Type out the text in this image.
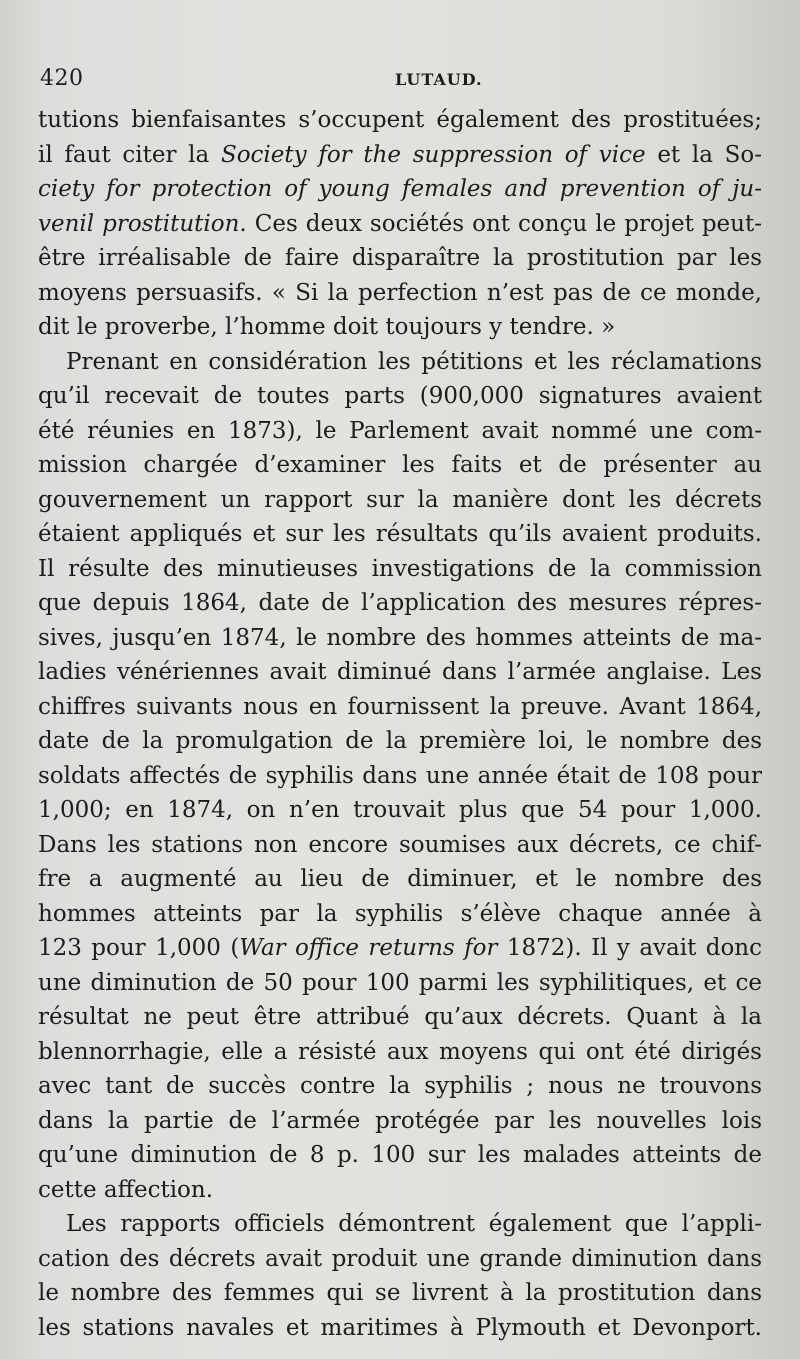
420	LUTAUD.
tutions bienfaisantes s’occupent également des prostituées;
il faut citer la Society for the suppression of vice et la So-
ciety for protection of young females and prevention of ju-
venil prostitution. Ces deux sociétés ont conçu le projet peut-
être irréalisable de faire disparaître la prostitution par les
moyens persuasifs. « Si la perfection n’est pas de ce monde,
dit le proverbe, l’homme doit toujours y tendre. »
Prenant en considération les pétitions et les réclamations
qu’il recevait de toutes parts (900,000 signatures avaient
été réunies en 1873), le Parlement avait nommé une com-
mission chargée d’examiner les faits et de présenter au
gouvernement un rapport sur la manière dont les décrets
étaient appliqués et sur les résultats qu’ils avaient produits.
Il résulte des minutieuses investigations de la commission
que depuis 1864, date de l’application des mesures répres-
sives, jusqu’en 1874, le nombre des hommes atteints de ma-
ladies vénériennes avait diminué dans l’armée anglaise. Les
chiffres suivants nous en fournissent la preuve. Avant 1864,
date de la promulgation de la première loi, le nombre des
soldats affectés de syphilis dans une année était de 108 pour
1,000; en 1874, on n’en trouvait plus que 54 pour 1,000.
Dans les stations non encore soumises aux décrets, ce chif-
fre a augmenté au lieu de diminuer, et le nombre des
hommes atteints par la syphilis s’élève chaque année à
123 pour 1,000 (War office returns for 1872). Il y avait donc
une diminution de 50 pour 100 parmi les syphilitiques, et ce
résultat ne peut être attribué qu’aux décrets. Quant à la
blennorrhagie, elle a résisté aux moyens qui ont été dirigés
avec tant de succès contre la syphilis ; nous ne trouvons
dans la partie de l’armée protégée par les nouvelles lois
qu’une diminution de 8 p. 100 sur les malades atteints de
cette affection.
Les rapports officiels démontrent également que l’appli-
cation des décrets avait produit une grande diminution dans
le nombre des femmes qui se livrent à la prostitution dans
les stations navales et maritimes à Plymouth et Devonport.
